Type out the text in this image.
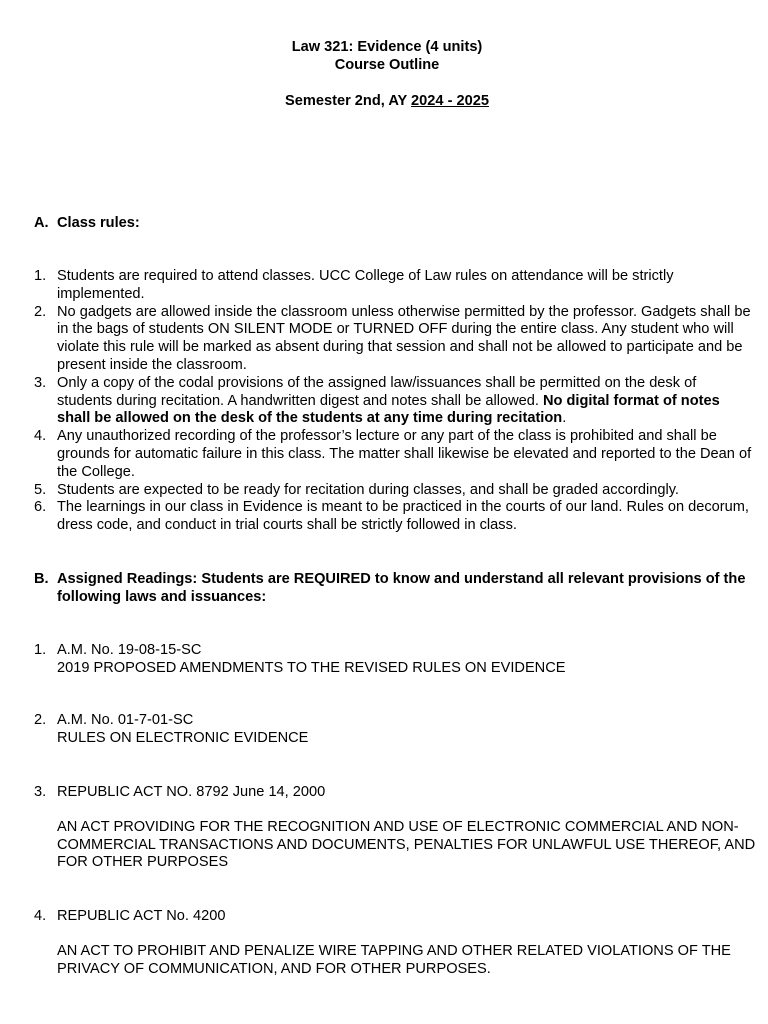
Law 321: Evidence (4 units)
Course Outline
Semester 2nd, AY 2024 - 2025
A. Class rules:
1. Students are required to attend classes. UCC College of Law rules on attendance will be strictly implemented.
2. No gadgets are allowed inside the classroom unless otherwise permitted by the professor. Gadgets shall be in the bags of students ON SILENT MODE or TURNED OFF during the entire class. Any student who will violate this rule will be marked as absent during that session and shall not be allowed to participate and be present inside the classroom.
3. Only a copy of the codal provisions of the assigned law/issuances shall be permitted on the desk of students during recitation. A handwritten digest and notes shall be allowed. No digital format of notes shall be allowed on the desk of the students at any time during recitation.
4. Any unauthorized recording of the professor’s lecture or any part of the class is prohibited and shall be grounds for automatic failure in this class. The matter shall likewise be elevated and reported to the Dean of the College.
5. Students are expected to be ready for recitation during classes, and shall be graded accordingly.
6. The learnings in our class in Evidence is meant to be practiced in the courts of our land. Rules on decorum, dress code, and conduct in trial courts shall be strictly followed in class.
B. Assigned Readings: Students are REQUIRED to know and understand all relevant provisions of the following laws and issuances:
1. A.M. No. 19-08-15-SC
2019 PROPOSED AMENDMENTS TO THE REVISED RULES ON EVIDENCE
2. A.M. No. 01-7-01-SC
RULES ON ELECTRONIC EVIDENCE
3. REPUBLIC ACT NO. 8792 June 14, 2000
AN ACT PROVIDING FOR THE RECOGNITION AND USE OF ELECTRONIC COMMERCIAL AND NON-COMMERCIAL TRANSACTIONS AND DOCUMENTS, PENALTIES FOR UNLAWFUL USE THEREOF, AND FOR OTHER PURPOSES
4. REPUBLIC ACT No. 4200
AN ACT TO PROHIBIT AND PENALIZE WIRE TAPPING AND OTHER RELATED VIOLATIONS OF THE PRIVACY OF COMMUNICATION, AND FOR OTHER PURPOSES.
